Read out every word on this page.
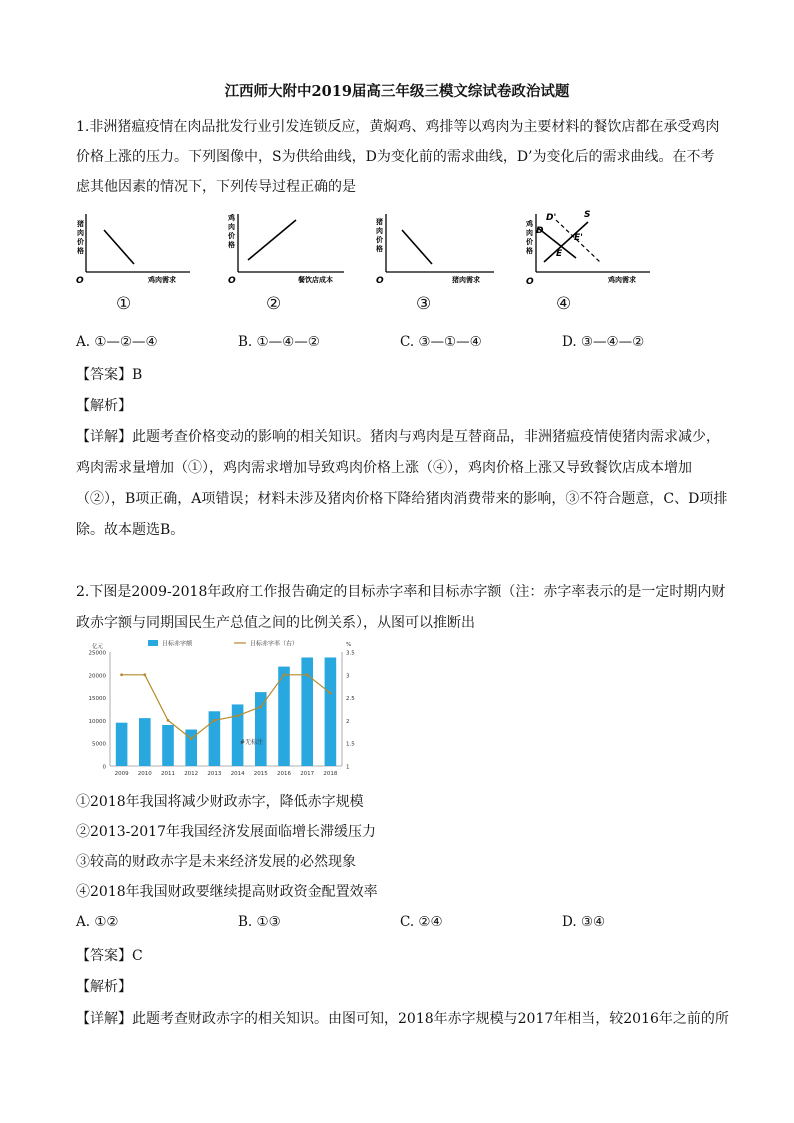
江西师大附中2019届高三年级三模文综试卷政治试题
1.非洲猪瘟疫情在肉品批发行业引发连锁反应，黄焖鸡、鸡排等以鸡肉为主要材料的餐饮店都在承受鸡肉
价格上涨的压力。下列图像中，S为供给曲线，D为变化前的需求曲线，D’为变化后的需求曲线。在不考
虑其他因素的情况下，下列传导过程正确的是
猪
肉
价
格
O	鸡肉需求
①
鸡
肉
价
格
O	餐饮店成本
②
猪
肉
价
格
O	猪肉需求
③
鸡
肉
价
格
D'	S
D
E'
E
O	鸡肉需求
④
A. ①—②—④	B. ①—④—②	C. ③—①—④	D. ③—④—②
【答案】B
【解析】
【详解】此题考查价格变动的影响的相关知识。猪肉与鸡肉是互替商品，非洲猪瘟疫情使猪肉需求减少，
鸡肉需求量增加（①），鸡肉需求增加导致鸡肉价格上涨（④），鸡肉价格上涨又导致餐饮店成本增加
（②），B项正确，A项错误；材料未涉及猪肉价格下降给猪肉消费带来的影响，③不符合题意，C、D项排
除。故本题选B。
2.下图是2009-2018年政府工作报告确定的目标赤字率和目标赤字额（注：赤字率表示的是一定时期内财
政赤字额与同期国民生产总值之间的比例关系），从图可以推断出
0
5000
10000
15000
20000
25000
1
1.5
2
2.5
3
3.5
亿元	%
2009 2010 2011 2012 2013 2014 2015 2016 2017 2018
目标赤字额	目标赤字率（右）
#无标注
①2018年我国将减少财政赤字，降低赤字规模
②2013-2017年我国经济发展面临增长滞缓压力
③较高的财政赤字是未来经济发展的必然现象
④2018年我国财政要继续提高财政资金配置效率
A. ①②	B. ①③	C. ②④	D. ③④
【答案】C
【解析】
【详解】此题考查财政赤字的相关知识。由图可知，2018年赤字规模与2017年相当，较2016年之前的所
